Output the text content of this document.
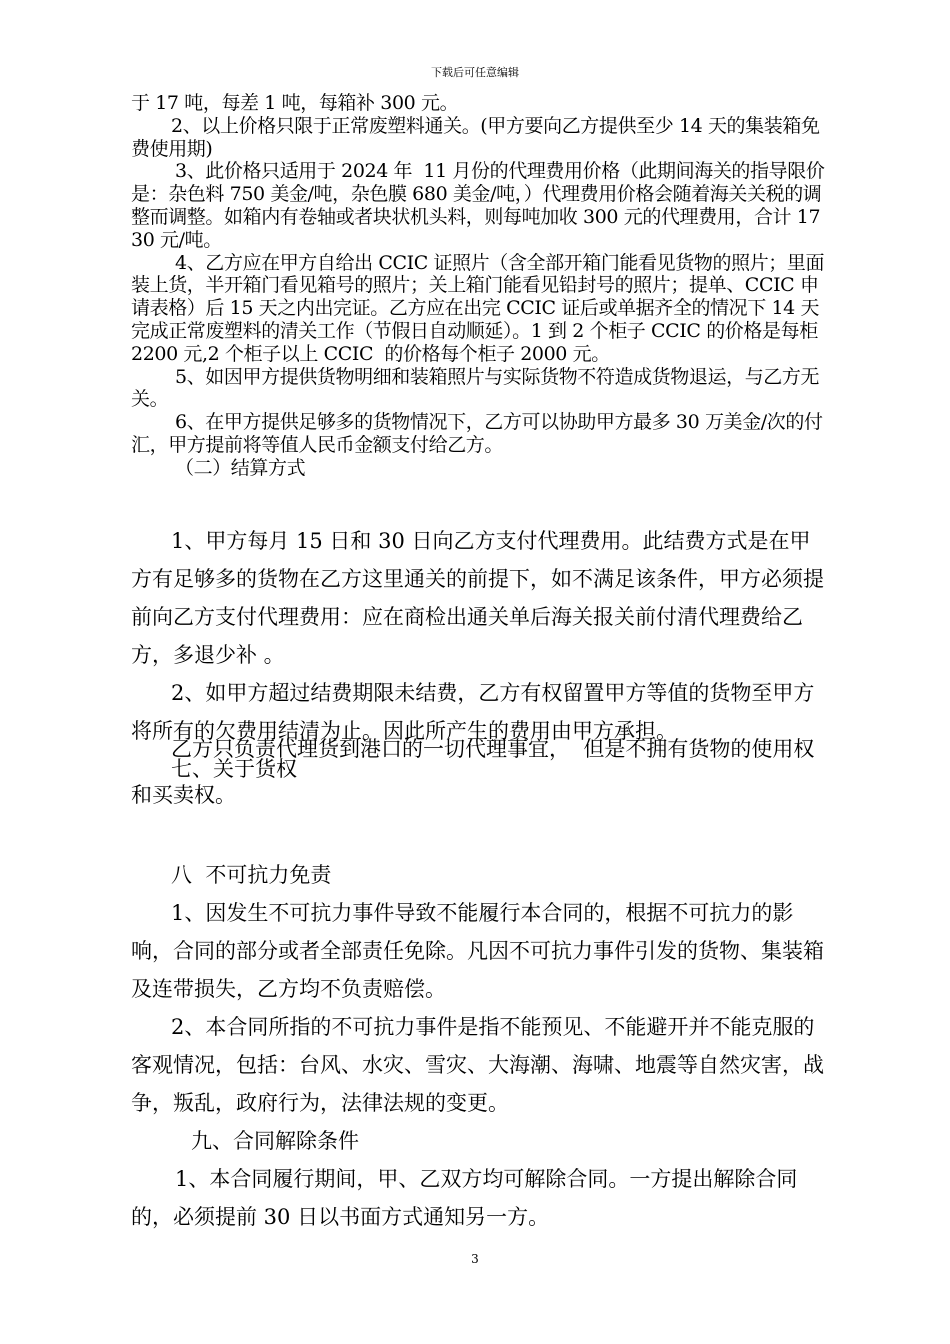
下载后可任意编辑

于 17 吨，每差 1 吨，每箱补 300 元。

2、以上价格只限于正常废塑料通关。(甲方要向乙方提供至少 14 天的集装箱免费使用期)

3、此价格只适用于 2024 年  11 月份的代理费用价格（此期间海关的指导限价是：杂色料 750 美金/吨，杂色膜 680 美金/吨，）代理费用价格会随着海关关税的调整而调整。如箱内有卷轴或者块状机头料，则每吨加收 300 元的代理费用，合计 1730 元/吨。

4、乙方应在甲方自给出 CCIC 证照片（含全部开箱门能看见货物的照片；里面装上货，半开箱门看见箱号的照片；关上箱门能看见铅封号的照片；提单、CCIC 申请表格）后 15 天之内出完证。乙方应在出完 CCIC 证后或单据齐全的情况下 14 天完成正常废塑料的清关工作（节假日自动顺延）。1 到 2 个柜子 CCIC 的价格是每柜 2200 元,2 个柜子以上 CCIC  的价格每个柜子 2000 元。

5、如因甲方提供货物明细和装箱照片与实际货物不符造成货物退运，与乙方无关。

6、在甲方提供足够多的货物情况下，乙方可以协助甲方最多 30 万美金/次的付汇，甲方提前将等值人民币金额支付给乙方。

（二）结算方式

1、甲方每月 15 日和 30 日向乙方支付代理费用。此结费方式是在甲方有足够多的货物在乙方这里通关的前提下，如不满足该条件，甲方必须提前向乙方支付代理费用：应在商检出通关单后海关报关前付清代理费给乙方，多退少补 。

2、如甲方超过结费期限未结费，乙方有权留置甲方等值的货物至甲方将所有的欠费用结清为止。因此所产生的费用由甲方承担。

七、关于货权

乙方只负责代理货到港口的一切代理事宜，  但是不拥有货物的使用权和买卖权。

八  不可抗力免责

1、因发生不可抗力事件导致不能履行本合同的，根据不可抗力的影响，合同的部分或者全部责任免除。凡因不可抗力事件引发的货物、集装箱及连带损失，乙方均不负责赔偿。

2、本合同所指的不可抗力事件是指不能预见、不能避开并不能克服的客观情况，包括：台风、水灾、雪灾、大海潮、海啸、地震等自然灾害，战争，叛乱，政府行为，法律法规的变更。

九、合同解除条件

1、本合同履行期间，甲、乙双方均可解除合同。一方提出解除合同的，必须提前 30 日以书面方式通知另一方。

3
